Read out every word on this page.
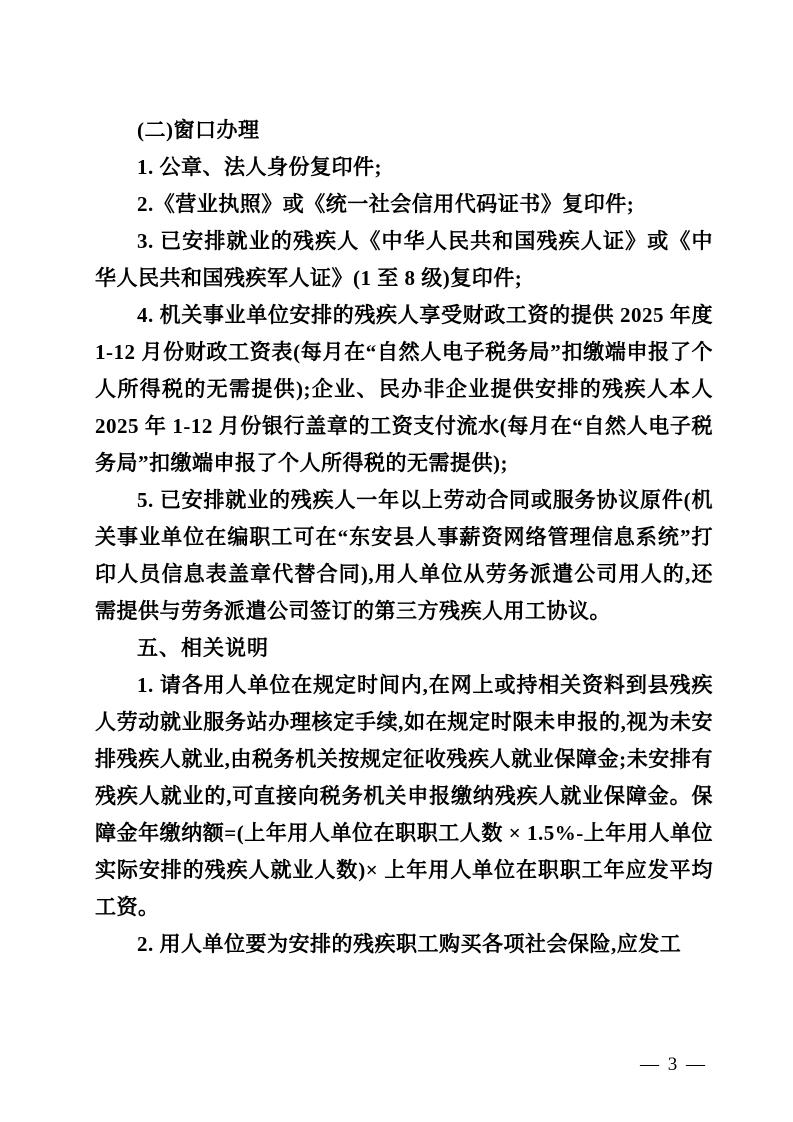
(二)窗口办理

1. 公章、法人身份复印件;

2.《营业执照》或《统一社会信用代码证书》复印件;

3. 已安排就业的残疾人《中华人民共和国残疾人证》或《中华人民共和国残疾军人证》(1 至 8 级)复印件;

4. 机关事业单位安排的残疾人享受财政工资的提供 2025 年度 1-12 月份财政工资表(每月在“自然人电子税务局”扣缴端申报了个人所得税的无需提供);企业、民办非企业提供安排的残疾人本人 2025 年 1-12 月份银行盖章的工资支付流水(每月在“自然人电子税务局”扣缴端申报了个人所得税的无需提供);

5. 已安排就业的残疾人一年以上劳动合同或服务协议原件(机关事业单位在编职工可在“东安县人事薪资网络管理信息系统”打印人员信息表盖章代替合同),用人单位从劳务派遣公司用人的,还需提供与劳务派遣公司签订的第三方残疾人用工协议。

五、相关说明

1. 请各用人单位在规定时间内,在网上或持相关资料到县残疾人劳动就业服务站办理核定手续,如在规定时限未申报的,视为未安排残疾人就业,由税务机关按规定征收残疾人就业保障金;未安排有残疾人就业的,可直接向税务机关申报缴纳残疾人就业保障金。保障金年缴纳额=(上年用人单位在职职工人数 × 1.5%-上年用人单位实际安排的残疾人就业人数)× 上年用人单位在职职工年应发平均工资。

2. 用人单位要为安排的残疾职工购买各项社会保险,应发工

— 3 —
